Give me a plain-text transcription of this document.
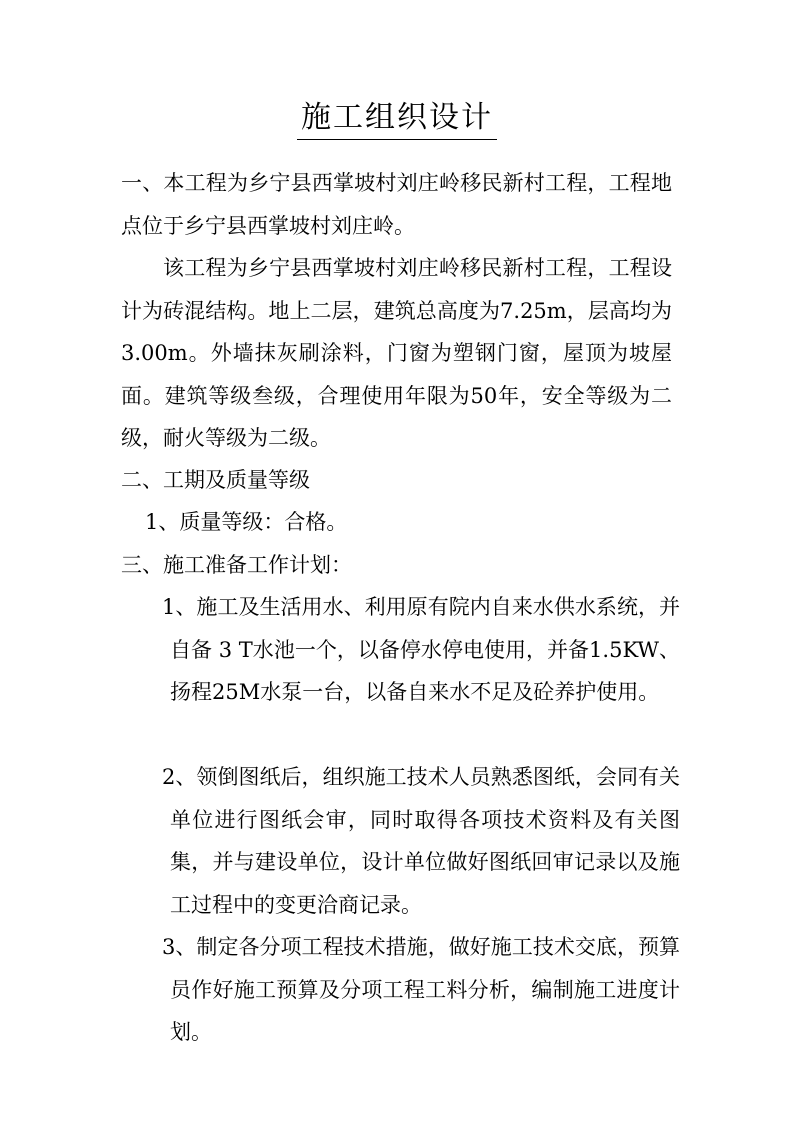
施工组织设计
一、本工程为乡宁县西掌坡村刘庄岭移民新村工程，工程地点位于乡宁县西掌坡村刘庄岭。
该工程为乡宁县西掌坡村刘庄岭移民新村工程，工程设计为砖混结构。地上二层，建筑总高度为7.25m，层高均为3.00m。外墙抹灰刷涂料，门窗为塑钢门窗，屋顶为坡屋面。建筑等级叁级，合理使用年限为50年，安全等级为二级，耐火等级为二级。
二、工期及质量等级
1、质量等级：合格。
三、施工准备工作计划：
1、施工及生活用水、利用原有院内自来水供水系统，并自备 3 T水池一个，以备停水停电使用，并备1.5KW、扬程25M水泵一台，以备自来水不足及砼养护使用。
2、领倒图纸后，组织施工技术人员熟悉图纸，会同有关单位进行图纸会审，同时取得各项技术资料及有关图集，并与建设单位，设计单位做好图纸回审记录以及施工过程中的变更洽商记录。
3、制定各分项工程技术措施，做好施工技术交底，预算员作好施工预算及分项工程工料分析，编制施工进度计划。
